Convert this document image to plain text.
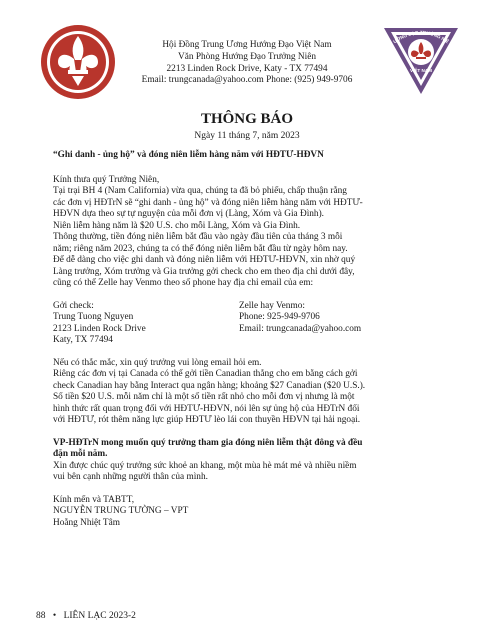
Hội Đồng Trung Ương Hướng Đạo Việt Nam
Văn Phòng Hướng Đạo Trưởng Niên
2213 Linden Rock Drive, Katy - TX 77494
Email: trungcanada@yahoo.com Phone: (925) 949-9706
ƯỚNG ĐẠO TRƯỞNG NIÊ
VIỆT NAM
THÔNG BÁO
Ngày 11 tháng 7, năm 2023

“Ghi danh - ủng hộ” và đóng niên liễm hàng năm với HĐTƯ-HĐVN

Kính thưa quý Trưởng Niên,

Tại trại BH 4 (Nam California) vừa qua, chúng ta đã bỏ phiếu, chấp thuận rằng
các đơn vị HĐTrN sẽ “ghi danh - ủng hộ” và đóng niên liễm hàng năm với HĐTƯ-
HĐVN dựa theo sự tự nguyện của mỗi đơn vị (Làng, Xóm và Gia Đình).
Niên liễm hàng năm là $20 U.S. cho mỗi Làng, Xóm và Gia Đình.
Thông thường, tiền đóng niên liễm bắt đầu vào ngày đầu tiên của tháng 3 mỗi
năm; riêng năm 2023, chúng ta có thể đóng niên liễm bắt đầu từ ngày hôm nay.
Để dễ dàng cho việc ghi danh và đóng niên liễm với HĐTƯ-HĐVN, xin nhờ quý
Làng trưởng, Xóm trưởng và Gia trưởng gởi check cho em theo địa chỉ dưới đây,
cũng có thể Zelle hay Venmo theo số phone hay địa chỉ email của em:
Gởi check:
Trung Tuong Nguyen
2123 Linden Rock Drive
Katy, TX 77494
Zelle hay Venmo:
Phone: 925-949-9706
Email: trungcanada@yahoo.com
Nếu có thắc mắc, xin quý trưởng vui lòng email hỏi em.
Riêng các đơn vị tại Canada có thể gởi tiền Canadian thẳng cho em bằng cách gởi
check Canadian hay bằng Interact qua ngân hàng; khoảng $27 Canadian ($20 U.S.).
Số tiền $20 U.S. mỗi năm chỉ là một số tiền rất nhỏ cho mỗi đơn vị nhưng là một
hình thức rất quan trọng đối với HĐTƯ-HĐVN, nói lên sự ủng hộ của HĐTrN đối
với HĐTƯ, rót thêm năng lực giúp HĐTƯ lèo lái con thuyền HĐVN tại hải ngoại.
VP-HĐTrN mong muốn quý trưởng tham gia đóng niên liễm thật đông và đều
đặn mỗi năm.
Xin được chúc quý trưởng sức khoẻ an khang, một mùa hè mát mẻ và nhiều niềm
vui bên cạnh những người thân của mình.
Kính mến và TABTT,
NGUYỄN TRUNG TƯỜNG – VPT
Hoằng Nhiệt Tâm
88 • LIÊN LẠC 2023-2
